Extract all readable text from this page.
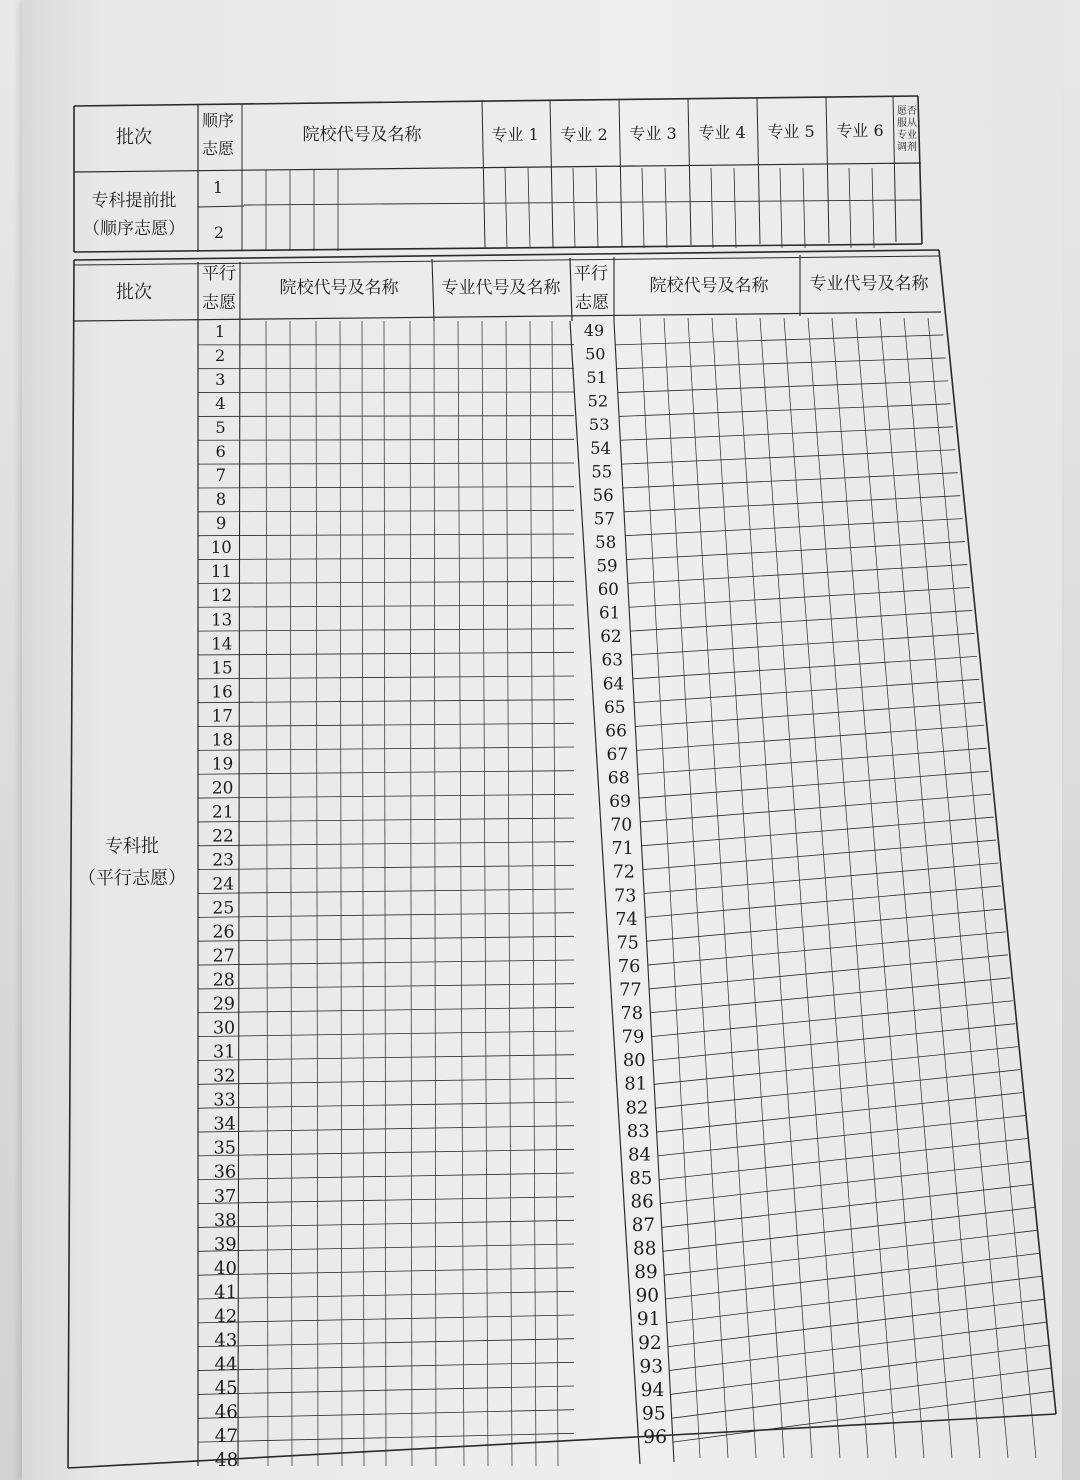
批次
顺序
志愿
院校代号及名称	专业 1 专业 2 专业 3 专业 4 专业 5 专业 6
愿否
服从
专业
调剂
专科提前批
（顺序志愿）
1
2
批次
平行
志愿
院校代号及名称	专业代号及名称
平行
志愿
院校代号及名称 专业代号及名称
专科批
（平行志愿）
1
2
3
4
5
6
7
8
9
10
11
12
13
14
15
16
17
18
19
20
21
22
23
24
25
26
27
28
29
30
31
32
33
34
35
36
37
38
39
40
41
42
43
44
45
46
47
48
49
50
51
52
53
54
55
56
57
58
59
60
61
62
63
64
65
66
67
68
69
70
71
72
73
74
75
76
77
78
79
80
81
82
83
84
85
86
87
88
89
90
91
92
93
94
95
96
